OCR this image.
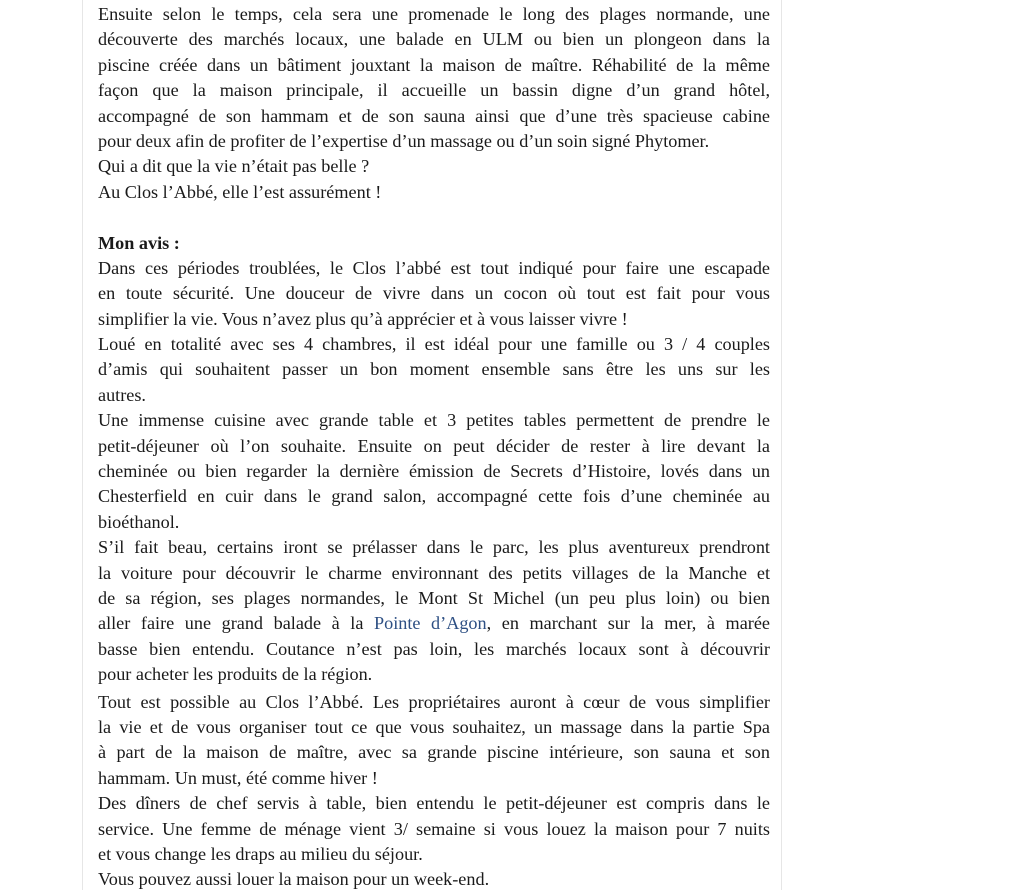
Ensuite selon le temps, cela sera une promenade le long des plages normande, une
découverte des marchés locaux, une balade en ULM ou bien un plongeon dans la
piscine créée dans un bâtiment jouxtant la maison de maître. Réhabilité de la même
façon que la maison principale, il accueille un bassin digne d’un grand hôtel,
accompagné de son hammam et de son sauna ainsi que d’une très spacieuse cabine
pour deux afin de profiter de l’expertise d’un massage ou d’un soin signé Phytomer.
Qui a dit que la vie n’était pas belle ?
Au Clos l’Abbé, elle l’est assurément !
Mon avis :
Dans ces périodes troublées, le Clos l’abbé est tout indiqué pour faire une escapade
en toute sécurité. Une douceur de vivre dans un cocon où tout est fait pour vous
simplifier la vie. Vous n’avez plus qu’à apprécier et à vous laisser vivre !
Loué en totalité avec ses 4 chambres, il est idéal pour une famille ou 3 / 4 couples
d’amis qui souhaitent passer un bon moment ensemble sans être les uns sur les
autres.
Une immense cuisine avec grande table et 3 petites tables permettent de prendre le
petit-déjeuner où l’on souhaite. Ensuite on peut décider de rester à lire devant la
cheminée ou bien regarder la dernière émission de Secrets d’Histoire, lovés dans un
Chesterfield en cuir dans le grand salon, accompagné cette fois d’une cheminée au
bioéthanol.
S’il fait beau, certains iront se prélasser dans le parc, les plus aventureux prendront
la voiture pour découvrir le charme environnant des petits villages de la Manche et
de sa région, ses plages normandes, le Mont St Michel (un peu plus loin) ou bien
aller faire une grand balade à la Pointe d’Agon, en marchant sur la mer, à marée
basse bien entendu. Coutance n’est pas loin, les marchés locaux sont à découvrir
pour acheter les produits de la région.
Tout est possible au Clos l’Abbé. Les propriétaires auront à cœur de vous simplifier
la vie et de vous organiser tout ce que vous souhaitez, un massage dans la partie Spa
à part de la maison de maître, avec sa grande piscine intérieure, son sauna et son
hammam. Un must, été comme hiver !
Des dîners de chef servis à table, bien entendu le petit-déjeuner est compris dans le
service. Une femme de ménage vient 3/ semaine si vous louez la maison pour 7 nuits
et vous change les draps au milieu du séjour.
Vous pouvez aussi louer la maison pour un week-end.
